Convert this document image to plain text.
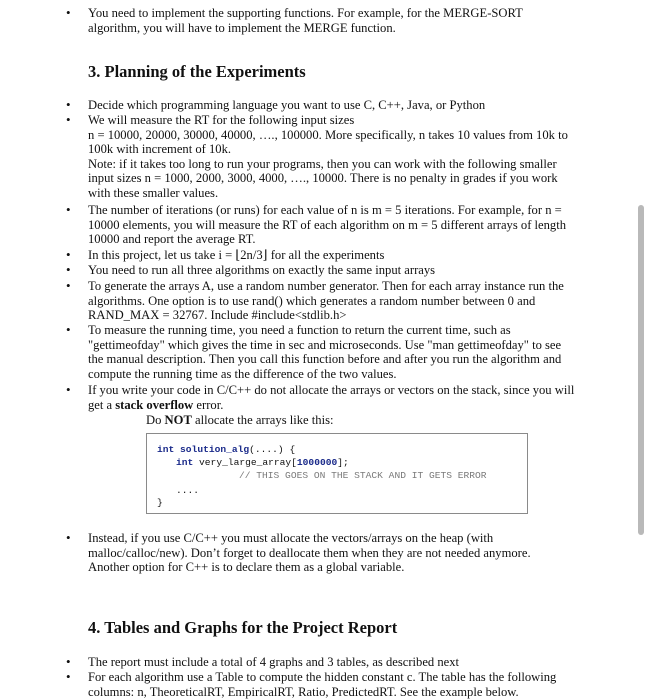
• You need to implement the supporting functions. For example, for the MERGE-SORT
algorithm, you will have to implement the MERGE function.
3. Planning of the Experiments
• Decide which programming language you want to use C, C++, Java, or Python
• We will measure the RT for the following input sizes
n = 10000, 20000, 30000, 40000, …., 100000. More specifically, n takes 10 values from 10k to
100k with increment of 10k.
Note: if it takes too long to run your programs, then you can work with the following smaller
input sizes n = 1000, 2000, 3000, 4000, …., 10000. There is no penalty in grades if you work
with these smaller values.
• The number of iterations (or runs) for each value of n is m = 5 iterations. For example, for n =
10000 elements, you will measure the RT of each algorithm on m = 5 different arrays of length
10000 and report the average RT.
• In this project, let us take i = ⌊2n/3⌋ for all the experiments
• You need to run all three algorithms on exactly the same input arrays
• To generate the arrays A, use a random number generator. Then for each array instance run the
algorithms. One option is to use rand() which generates a random number between 0 and
RAND_MAX = 32767. Include #include<stdlib.h>
• To measure the running time, you need a function to return the current time, such as
"gettimeofday" which gives the time in sec and microseconds. Use "man gettimeofday" to see
the manual description. Then you call this function before and after you run the algorithm and
compute the running time as the difference of the two values.
• If you write your code in C/C++ do not allocate the arrays or vectors on the stack, since you will
get a stack overflow error.
Do NOT allocate the arrays like this:
int solution_alg(....) {
int very_large_array[1000000];
// THIS GOES ON THE STACK AND IT GETS ERROR
....
}
• Instead, if you use C/C++ you must allocate the vectors/arrays on the heap (with
malloc/calloc/new). Don’t forget to deallocate them when they are not needed anymore.
Another option for C++ is to declare them as a global variable.
4. Tables and Graphs for the Project Report
• The report must include a total of 4 graphs and 3 tables, as described next
• For each algorithm use a Table to compute the hidden constant c. The table has the following
columns: n, TheoreticalRT, EmpiricalRT, Ratio, PredictedRT. See the example below.
